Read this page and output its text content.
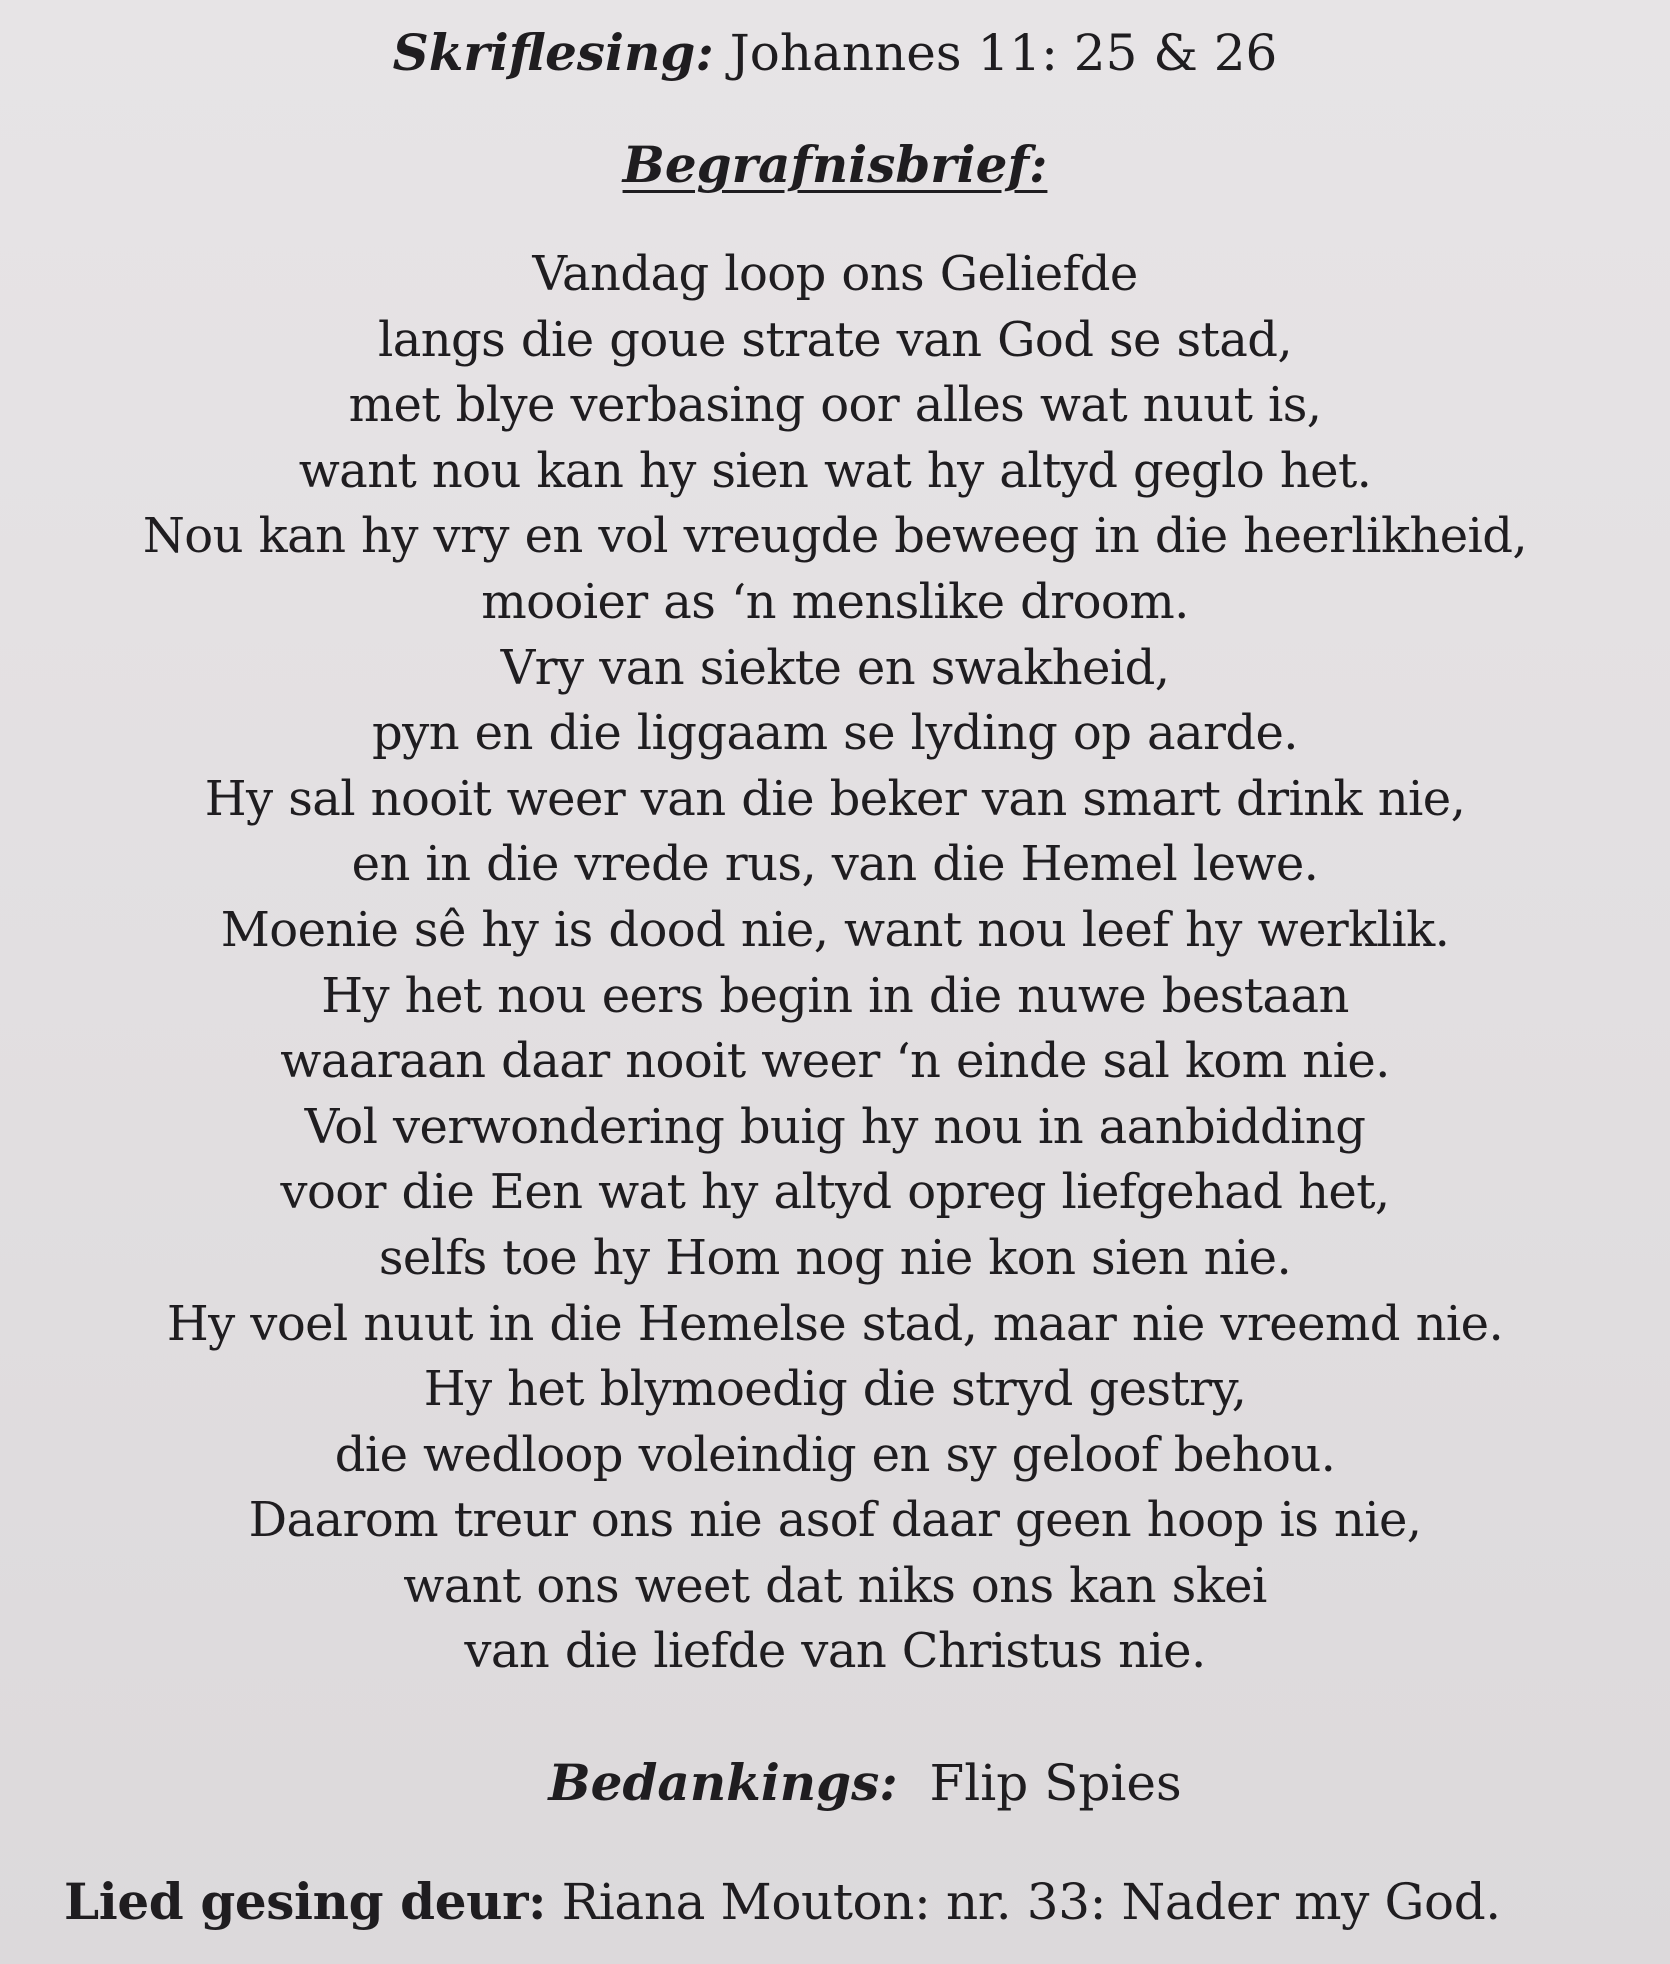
Skriflesing: Johannes 11: 25 & 26
Begrafnisbrief:
Vandag loop ons Geliefde
langs die goue strate van God se stad,
met blye verbasing oor alles wat nuut is,
want nou kan hy sien wat hy altyd geglo het.
Nou kan hy vry en vol vreugde beweeg in die heerlikheid,
mooier as ‘n menslike droom.
Vry van siekte en swakheid,
pyn en die liggaam se lyding op aarde.
Hy sal nooit weer van die beker van smart drink nie,
en in die vrede rus, van die Hemel lewe.
Moenie sê hy is dood nie, want nou leef hy werklik.
Hy het nou eers begin in die nuwe bestaan
waaraan daar nooit weer ‘n einde sal kom nie.
Vol verwondering buig hy nou in aanbidding
voor die Een wat hy altyd opreg liefgehad het,
selfs toe hy Hom nog nie kon sien nie.
Hy voel nuut in die Hemelse stad, maar nie vreemd nie.
Hy het blymoedig die stryd gestry,
die wedloop voleindig en sy geloof behou.
Daarom treur ons nie asof daar geen hoop is nie,
want ons weet dat niks ons kan skei
van die liefde van Christus nie.
Bedankings: Flip Spies
Lied gesing deur: Riana Mouton: nr. 33: Nader my God.
